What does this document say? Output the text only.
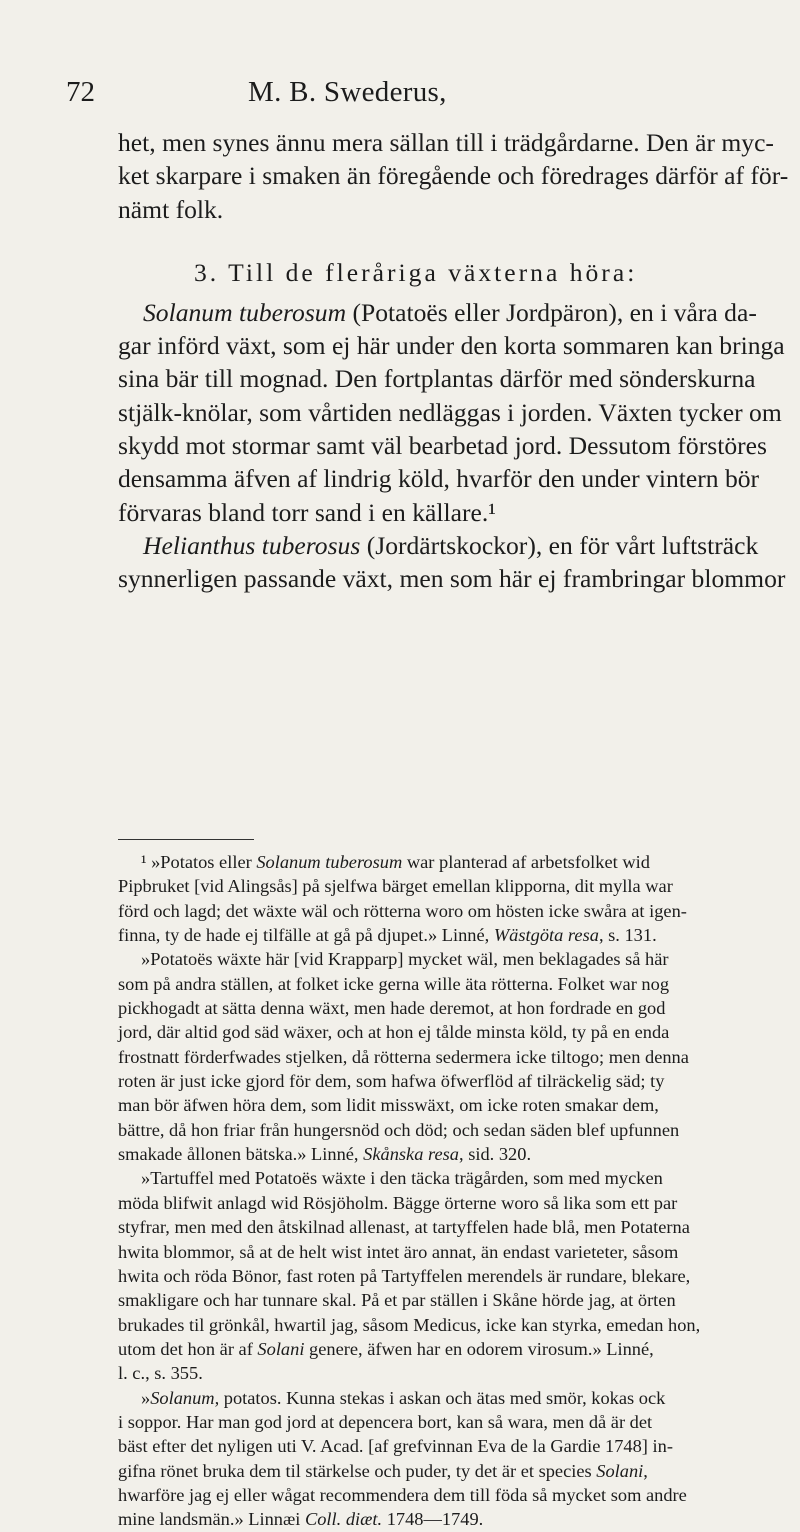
72	M. B. Swederus,
het, men synes ännu mera sällan till i trädgårdarne. Den är myc-
ket skarpare i smaken än föregående och föredrages därför af för-
nämt folk.
3. Till de fleråriga växterna höra:
Solanum tuberosum (Potatoës eller Jordpäron), en i våra da-
gar införd växt, som ej här under den korta sommaren kan bringa
sina bär till mognad. Den fortplantas därför med sönderskurna
stjälk-knölar, som vårtiden nedläggas i jorden. Växten tycker om
skydd mot stormar samt väl bearbetad jord. Dessutom förstöres
densamma äfven af lindrig köld, hvarför den under vintern bör
förvaras bland torr sand i en källare.¹
Helianthus tuberosus (Jordärtskockor), en för vårt luftsträck
synnerligen passande växt, men som här ej frambringar blommor
¹ »Potatos eller Solanum tuberosum war planterad af arbetsfolket wid
Pipbruket [vid Alingsås] på sjelfwa bärget emellan klipporna, dit mylla war
förd och lagd; det wäxte wäl och rötterna woro om hösten icke swåra at igen-
finna, ty de hade ej tilfälle at gå på djupet.» Linné, Wästgöta resa, s. 131.
»Potatoës wäxte här [vid Krapparp] mycket wäl, men beklagades så här
som på andra ställen, at folket icke gerna wille äta rötterna. Folket war nog
pickhogadt at sätta denna wäxt, men hade deremot, at hon fordrade en god
jord, där altid god säd wäxer, och at hon ej tålde minsta köld, ty på en enda
frostnatt förderfwades stjelken, då rötterna sedermera icke tiltogo; men denna
roten är just icke gjord för dem, som hafwa öfwerflöd af tilräckelig säd; ty
man bör äfwen höra dem, som lidit misswäxt, om icke roten smakar dem,
bättre, då hon friar från hungersnöd och död; och sedan säden blef upfunnen
smakade ållonen bätska.» Linné, Skånska resa, sid. 320.
»Tartuffel med Potatoës wäxte i den täcka trägården, som med mycken
möda blifwit anlagd wid Rösjöholm. Bägge örterne woro så lika som ett par
styfrar, men med den åtskilnad allenast, at tartyffelen hade blå, men Potaterna
hwita blommor, så at de helt wist intet äro annat, än endast varieteter, såsom
hwita och röda Bönor, fast roten på Tartyffelen merendels är rundare, blekare,
smakligare och har tunnare skal. På et par ställen i Skåne hörde jag, at örten
brukades til grönkål, hwartil jag, såsom Medicus, icke kan styrka, emedan hon,
utom det hon är af Solani genere, äfwen har en odorem virosum.» Linné,
l. c., s. 355.
»Solanum, potatos. Kunna stekas i askan och ätas med smör, kokas ock
i soppor. Har man god jord at depencera bort, kan så wara, men då är det
bäst efter det nyligen uti V. Acad. [af grefvinnan Eva de la Gardie 1748] in-
gifna rönet bruka dem til stärkelse och puder, ty det är et species Solani,
hwarföre jag ej eller wågat recommendera dem till föda så mycket som andre
mine landsmän.» Linnæi Coll. diæt. 1748—1749.
